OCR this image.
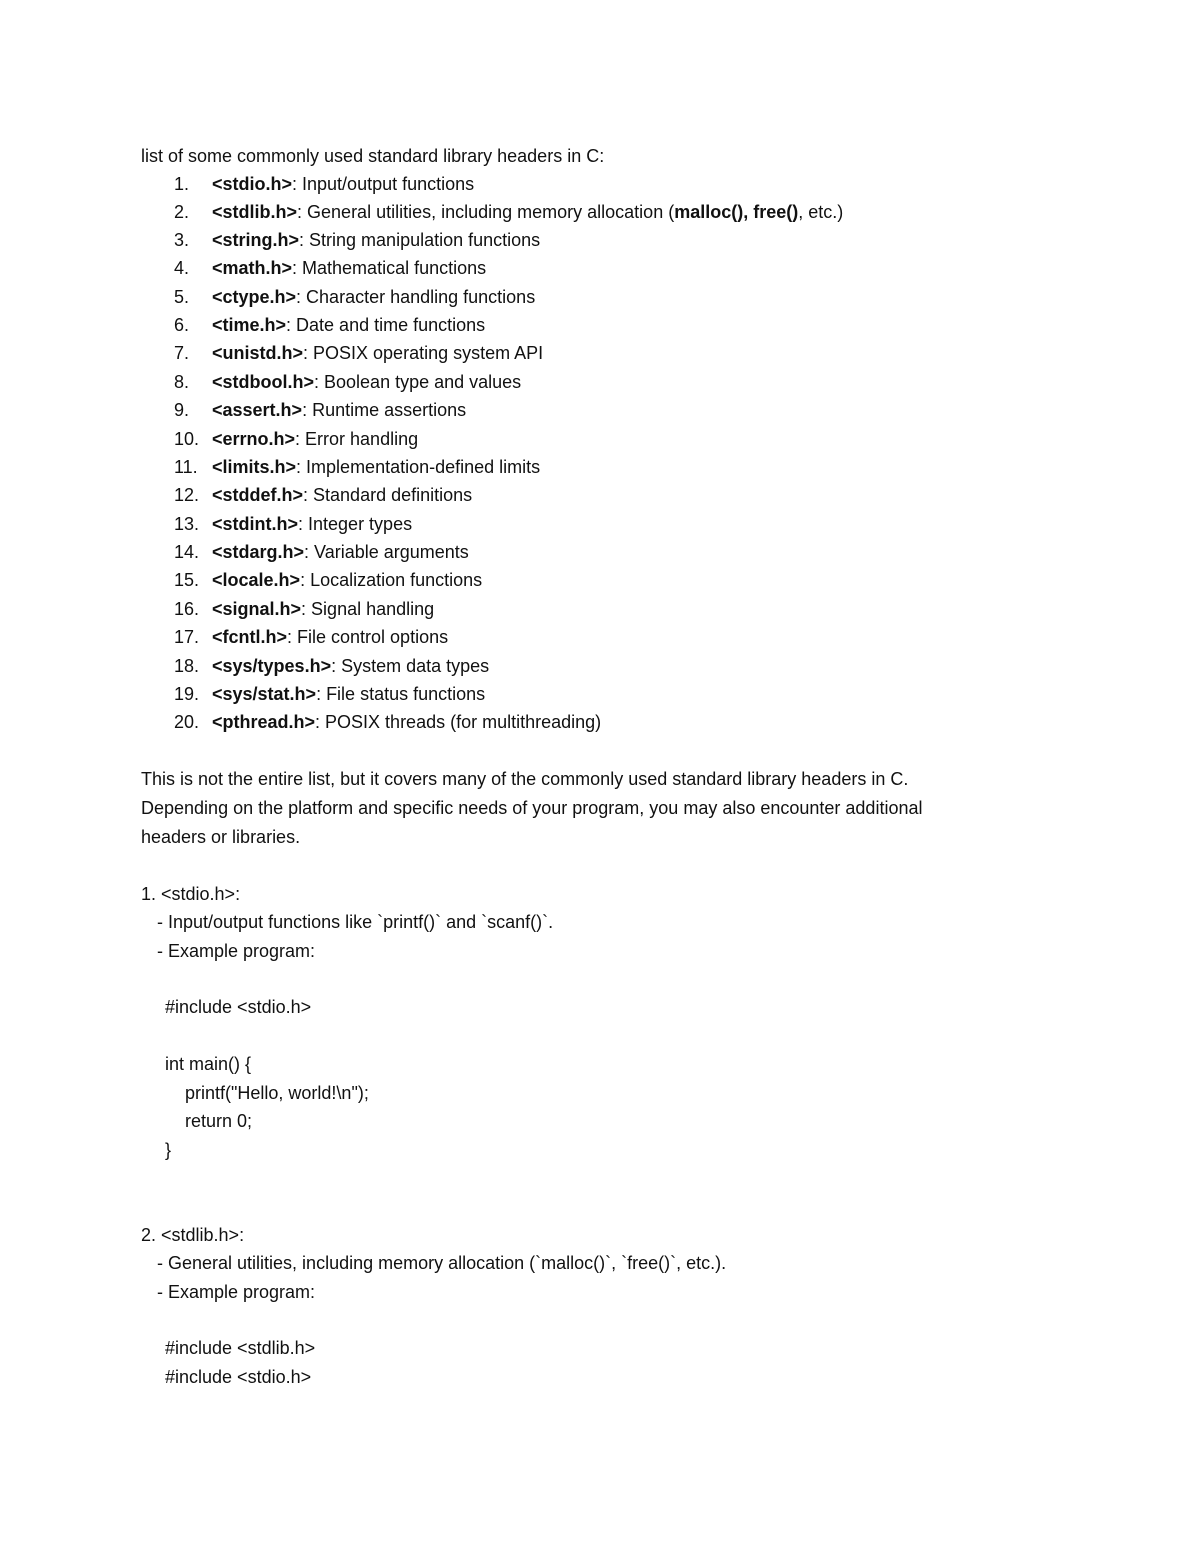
list of some commonly used standard library headers in C:
1. <stdio.h>: Input/output functions
2. <stdlib.h>: General utilities, including memory allocation (malloc(), free(), etc.)
3. <string.h>: String manipulation functions
4. <math.h>: Mathematical functions
5. <ctype.h>: Character handling functions
6. <time.h>: Date and time functions
7. <unistd.h>: POSIX operating system API
8. <stdbool.h>: Boolean type and values
9. <assert.h>: Runtime assertions
10. <errno.h>: Error handling
11. <limits.h>: Implementation-defined limits
12. <stddef.h>: Standard definitions
13. <stdint.h>: Integer types
14. <stdarg.h>: Variable arguments
15. <locale.h>: Localization functions
16. <signal.h>: Signal handling
17. <fcntl.h>: File control options
18. <sys/types.h>: System data types
19. <sys/stat.h>: File status functions
20. <pthread.h>: POSIX threads (for multithreading)
This is not the entire list, but it covers many of the commonly used standard library headers in C.
Depending on the platform and specific needs of your program, you may also encounter additional
headers or libraries.
1. <stdio.h>:
- Input/output functions like `printf()` and `scanf()`.
- Example program:
#include <stdio.h>
int main() {
printf("Hello, world!\n");
return 0;
}
2. <stdlib.h>:
- General utilities, including memory allocation (`malloc()`, `free()`, etc.).
- Example program:
#include <stdlib.h>
#include <stdio.h>
